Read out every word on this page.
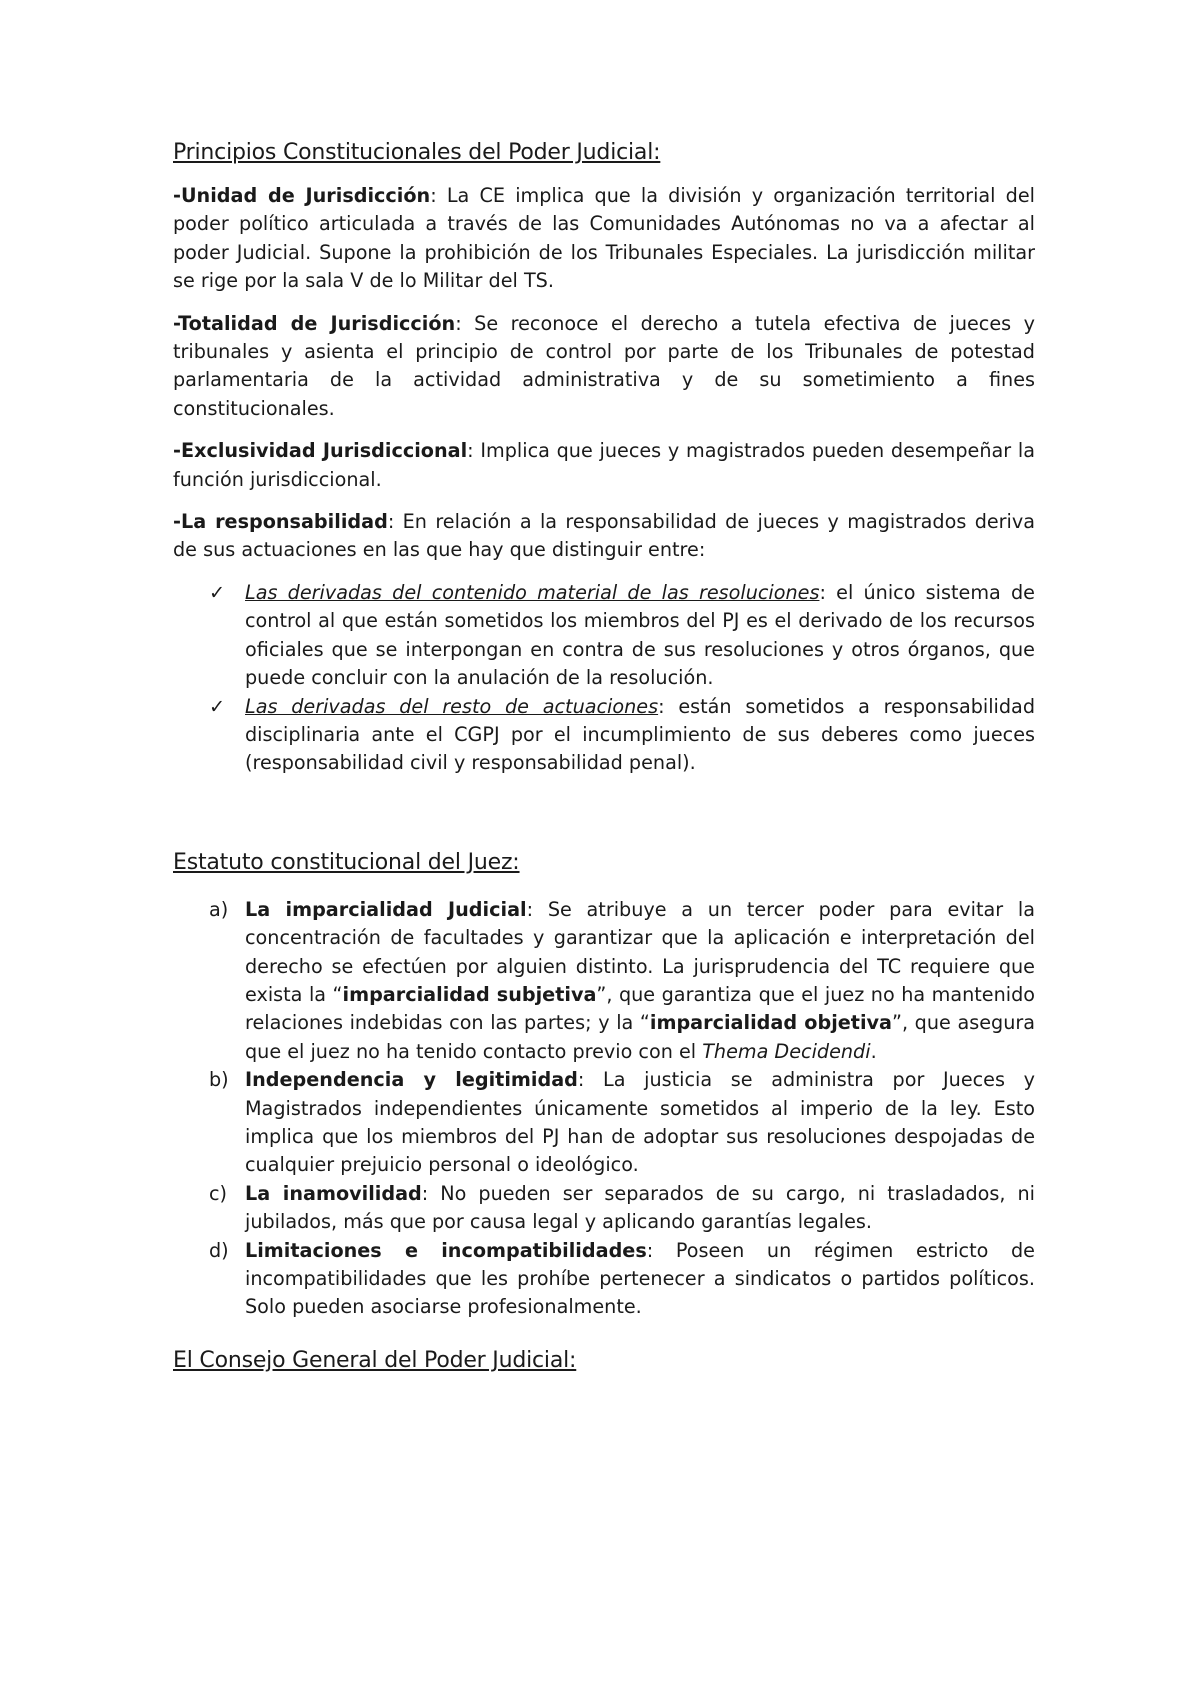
Principios Constitucionales del Poder Judicial:

-Unidad de Jurisdicción: La CE implica que la división y organización territorial del poder político articulada a través de las Comunidades Autónomas no va a afectar al poder Judicial. Supone la prohibición de los Tribunales Especiales. La jurisdicción militar se rige por la sala V de lo Militar del TS.

-Totalidad de Jurisdicción: Se reconoce el derecho a tutela efectiva de jueces y tribunales y asienta el principio de control por parte de los Tribunales de potestad parlamentaria de la actividad administrativa y de su sometimiento a fines constitucionales.

-Exclusividad Jurisdiccional: Implica que jueces y magistrados pueden desempeñar la función jurisdiccional.

-La responsabilidad: En relación a la responsabilidad de jueces y magistrados deriva de sus actuaciones en las que hay que distinguir entre:

✓ Las derivadas del contenido material de las resoluciones: el único sistema de control al que están sometidos los miembros del PJ es el derivado de los recursos oficiales que se interpongan en contra de sus resoluciones y otros órganos, que puede concluir con la anulación de la resolución.
✓ Las derivadas del resto de actuaciones: están sometidos a responsabilidad disciplinaria ante el CGPJ por el incumplimiento de sus deberes como jueces (responsabilidad civil y responsabilidad penal).
Estatuto constitucional del Juez:
a) La imparcialidad Judicial: Se atribuye a un tercer poder para evitar la concentración de facultades y garantizar que la aplicación e interpretación del derecho se efectúen por alguien distinto. La jurisprudencia del TC requiere que exista la “imparcialidad subjetiva”, que garantiza que el juez no ha mantenido relaciones indebidas con las partes; y la “imparcialidad objetiva”, que asegura que el juez no ha tenido contacto previo con el Thema Decidendi.
b) Independencia y legitimidad: La justicia se administra por Jueces y Magistrados independientes únicamente sometidos al imperio de la ley. Esto implica que los miembros del PJ han de adoptar sus resoluciones despojadas de cualquier prejuicio personal o ideológico.
c) La inamovilidad: No pueden ser separados de su cargo, ni trasladados, ni jubilados, más que por causa legal y aplicando garantías legales.
d) Limitaciones e incompatibilidades: Poseen un régimen estricto de incompatibilidades que les prohíbe pertenecer a sindicatos o partidos políticos. Solo pueden asociarse profesionalmente.
El Consejo General del Poder Judicial:
